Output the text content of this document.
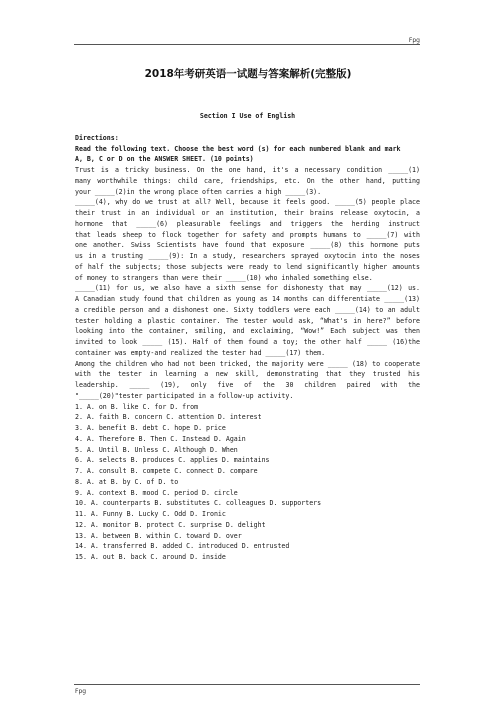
Fpg
2018年考研英语一试题与答案解析(完整版)
Section I Use of English
Directions:
Read the following text. Choose the best word (s) for each numbered blank and mark
A, B, C or D on the ANSWER SHEET. (10 points)
Trust is a tricky business. On the one hand, it's a necessary condition _____(1)
many worthwhile things: child care, friendships, etc. On the other hand, putting
your _____(2)in the wrong place often carries a high _____(3).
_____(4), why do we trust at all? Well, because it feels good. _____(5) people place
their trust in an individual or an institution, their brains release oxytocin, a
hormone that _____(6) pleasurable feelings and triggers the herding instruct
that leads sheep to flock together for safety and prompts humans to _____(7) with
one another. Swiss Scientists have found that exposure _____(8) this hormone puts
us in a trusting _____(9): In a study, researchers sprayed oxytocin into the noses
of half the subjects; those subjects were ready to lend significantly higher amounts
of money to strangers than were their _____(10) who inhaled something else.
_____(11) for us, we also have a sixth sense for dishonesty that may _____(12) us.
A Canadian study found that children as young as 14 months can differentiate _____(13)
a credible person and a dishonest one. Sixty toddlers were each _____(14) to an adult
tester holding a plastic container. The tester would ask, “What's in here?” before
looking into the container, smiling, and exclaiming, “Wow!” Each subject was then
invited to look _____ (15). Half of them found a toy; the other half _____ (16)the
container was empty-and realized the tester had _____(17) them.
Among the children who had not been tricked, the majority were _____ (18) to cooperate
with the tester in learning a new skill, demonstrating that they trusted his
leadership. _____ (19), only five of the 30 children paired with the
"_____(20)"tester participated in a follow-up activity.
1. A. on B. like C. for D. from
2. A. faith B. concern C. attention D. interest
3. A. benefit B. debt C. hope D. price
4. A. Therefore B. Then C. Instead D. Again
5. A. Until B. Unless C. Although D. When
6. A. selects B. produces C. applies D. maintains
7. A. consult B. compete C. connect D. compare
8. A. at B. by C. of D. to
9. A. context B. mood C. period D. circle
10. A. counterparts B. substitutes C. colleagues D. supporters
11. A. Funny B. Lucky C. Odd D. Ironic
12. A. monitor B. protect C. surprise D. delight
13. A. between B. within C. toward D. over
14. A. transferred B. added C. introduced D. entrusted
15. A. out B. back C. around D. inside
Fpg
